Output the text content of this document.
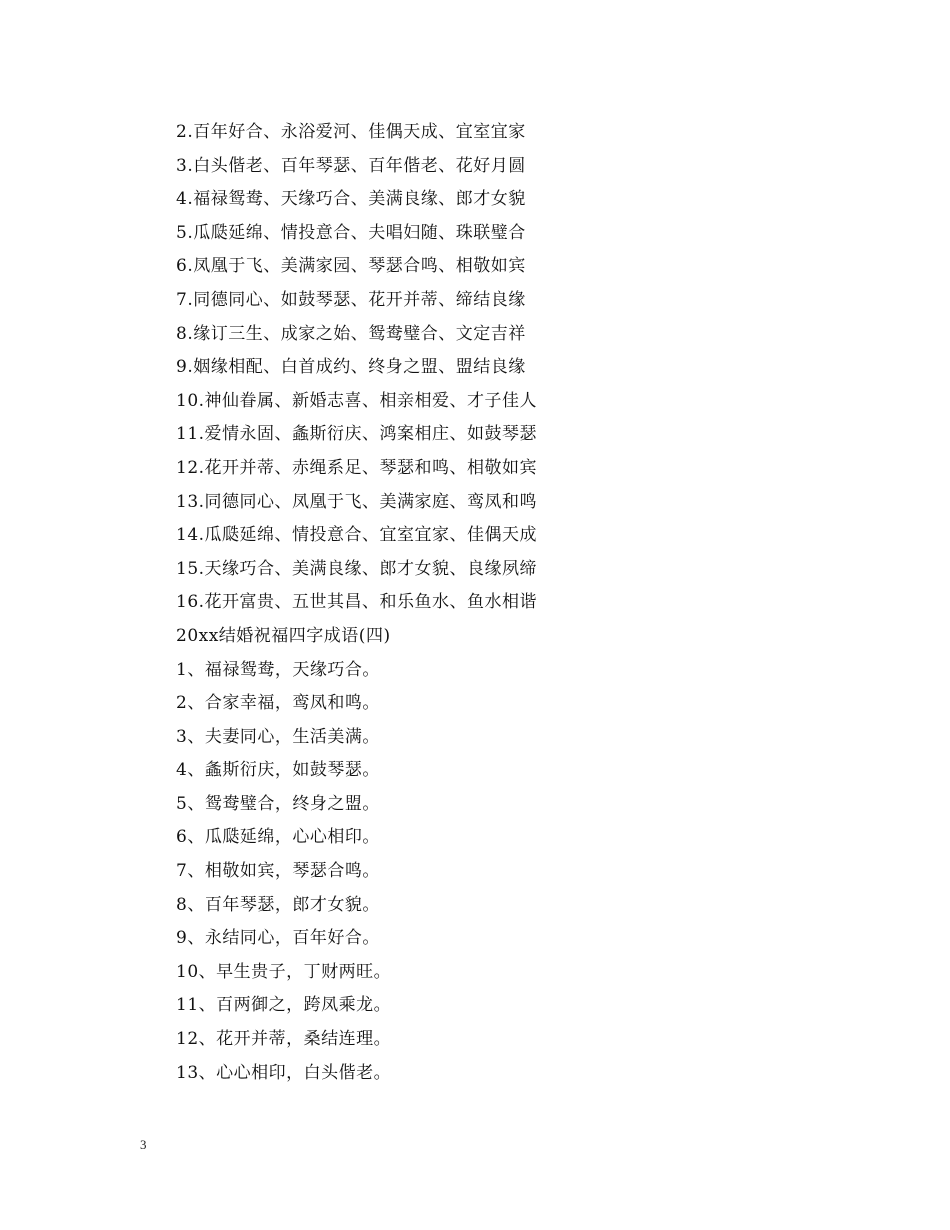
2.百年好合、永浴爱河、佳偶天成、宜室宜家
3.白头偕老、百年琴瑟、百年偕老、花好月圆
4.福禄鸳鸯、天缘巧合、美满良缘、郎才女貌
5.瓜瓞延绵、情投意合、夫唱妇随、珠联璧合
6.凤凰于飞、美满家园、琴瑟合鸣、相敬如宾
7.同德同心、如鼓琴瑟、花开并蒂、缔结良缘
8.缘订三生、成家之始、鸳鸯璧合、文定吉祥
9.姻缘相配、白首成约、终身之盟、盟结良缘
10.神仙眷属、新婚志喜、相亲相爱、才子佳人
11.爱情永固、螽斯衍庆、鸿案相庄、如鼓琴瑟
12.花开并蒂、赤绳系足、琴瑟和鸣、相敬如宾
13.同德同心、凤凰于飞、美满家庭、鸾凤和鸣
14.瓜瓞延绵、情投意合、宜室宜家、佳偶天成
15.天缘巧合、美满良缘、郎才女貌、良缘夙缔
16.花开富贵、五世其昌、和乐鱼水、鱼水相谐
20xx结婚祝福四字成语(四)
1、福禄鸳鸯，天缘巧合。
2、合家幸福，鸾凤和鸣。
3、夫妻同心，生活美满。
4、螽斯衍庆，如鼓琴瑟。
5、鸳鸯璧合，终身之盟。
6、瓜瓞延绵，心心相印。
7、相敬如宾，琴瑟合鸣。
8、百年琴瑟，郎才女貌。
9、永结同心，百年好合。
10、早生贵子，丁财两旺。
11、百两御之，跨凤乘龙。
12、花开并蒂，桑结连理。
13、心心相印，白头偕老。
3
